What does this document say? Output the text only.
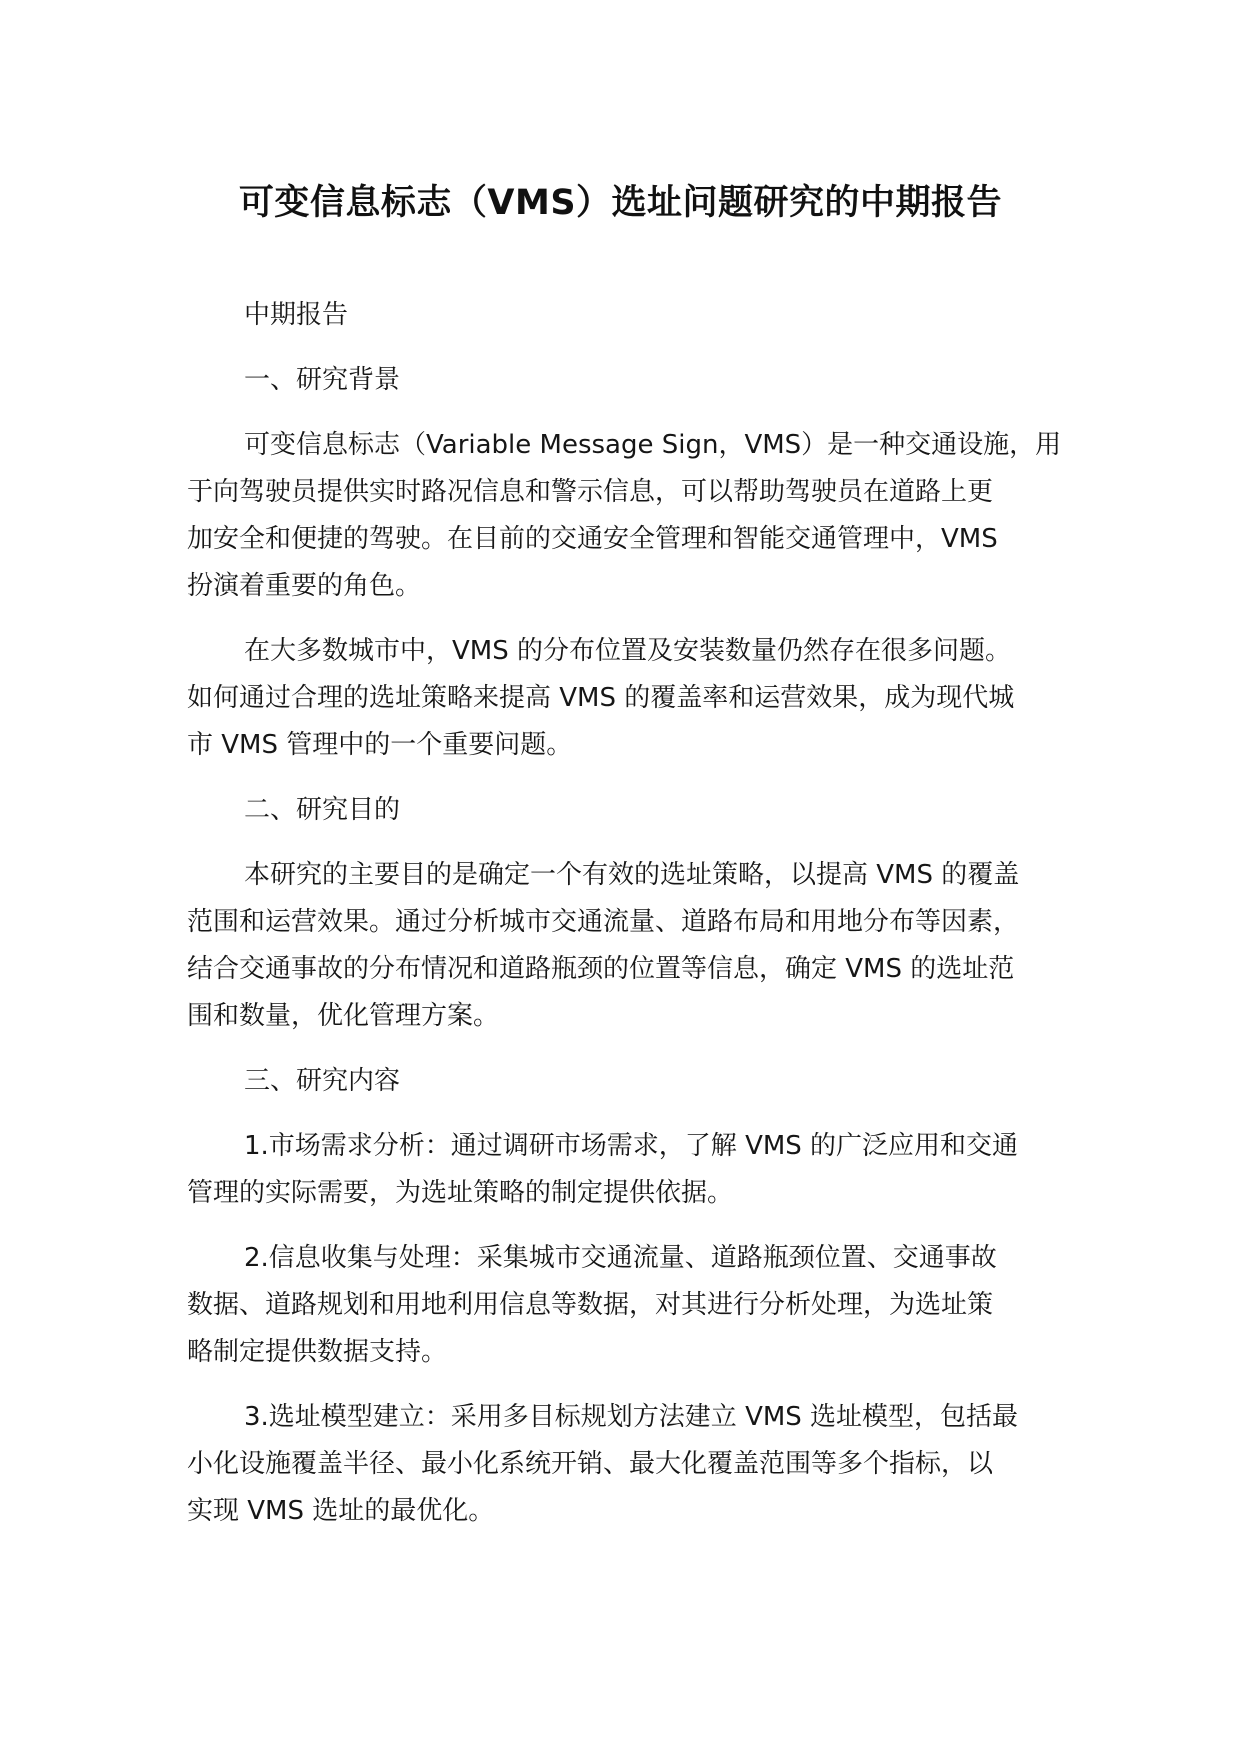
可变信息标志（VMS）选址问题研究的中期报告
中期报告
一、研究背景
可变信息标志（Variable Message Sign，VMS）是一种交通设施，用
于向驾驶员提供实时路况信息和警示信息，可以帮助驾驶员在道路上更
加安全和便捷的驾驶。在目前的交通安全管理和智能交通管理中，VMS
扮演着重要的角色。
在大多数城市中，VMS 的分布位置及安装数量仍然存在很多问题。
如何通过合理的选址策略来提高 VMS 的覆盖率和运营效果，成为现代城
市 VMS 管理中的一个重要问题。
二、研究目的
本研究的主要目的是确定一个有效的选址策略，以提高 VMS 的覆盖
范围和运营效果。通过分析城市交通流量、道路布局和用地分布等因素，
结合交通事故的分布情况和道路瓶颈的位置等信息，确定 VMS 的选址范
围和数量，优化管理方案。
三、研究内容
1.市场需求分析：通过调研市场需求，了解 VMS 的广泛应用和交通
管理的实际需要，为选址策略的制定提供依据。
2.信息收集与处理：采集城市交通流量、道路瓶颈位置、交通事故
数据、道路规划和用地利用信息等数据，对其进行分析处理，为选址策
略制定提供数据支持。
3.选址模型建立：采用多目标规划方法建立 VMS 选址模型，包括最
小化设施覆盖半径、最小化系统开销、最大化覆盖范围等多个指标，以
实现 VMS 选址的最优化。
